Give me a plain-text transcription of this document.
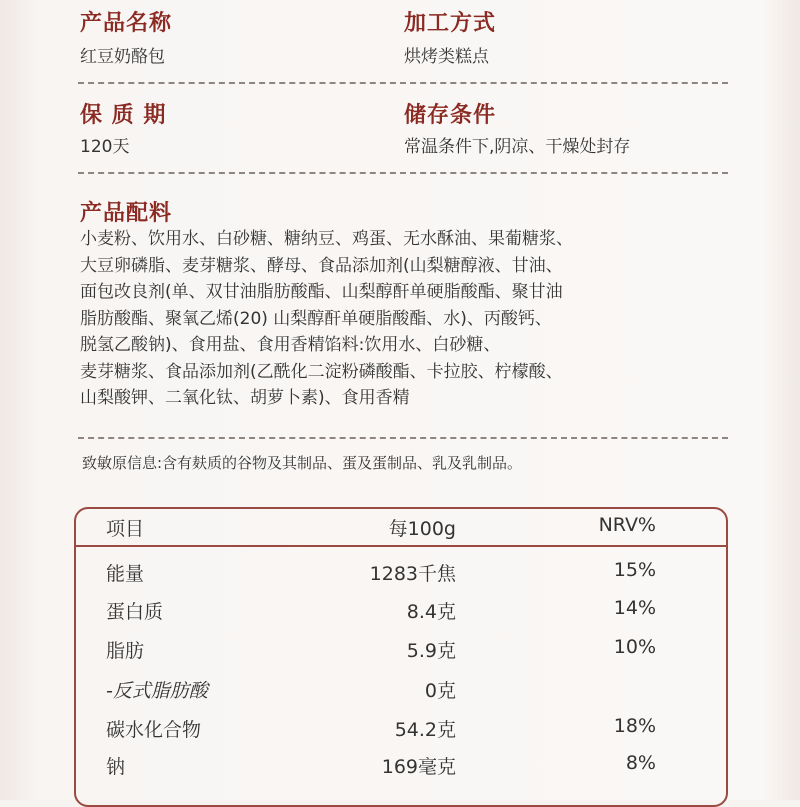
产品名称
红豆奶酪包
加工方式
烘烤类糕点
保 质 期
120天
储存条件
常温条件下,阴凉、干燥处封存
产品配料
小麦粉、饮用水、白砂糖、糖纳豆、鸡蛋、无水酥油、果葡糖浆、
大豆卵磷脂、麦芽糖浆、酵母、食品添加剂(山梨糖醇液、甘油、
面包改良剂(单、双甘油脂肪酸酯、山梨醇酐单硬脂酸酯、聚甘油
脂肪酸酯、聚氧乙烯(20) 山梨醇酐单硬脂酸酯、水)、丙酸钙、
脱氢乙酸钠)、食用盐、食用香精馅料:饮用水、白砂糖、
麦芽糖浆、食品添加剂(乙酰化二淀粉磷酸酯、卡拉胶、柠檬酸、
山梨酸钾、二氧化钛、胡萝卜素)、食用香精
致敏原信息:含有麸质的谷物及其制品、蛋及蛋制品、乳及乳制品。
项目	每100g	NRV%
能量	1283千焦	15%
蛋白质	8.4克	14%
脂肪	5.9克	10%
-反式脂肪酸	0克
碳水化合物	54.2克	18%
钠	169毫克	8%
